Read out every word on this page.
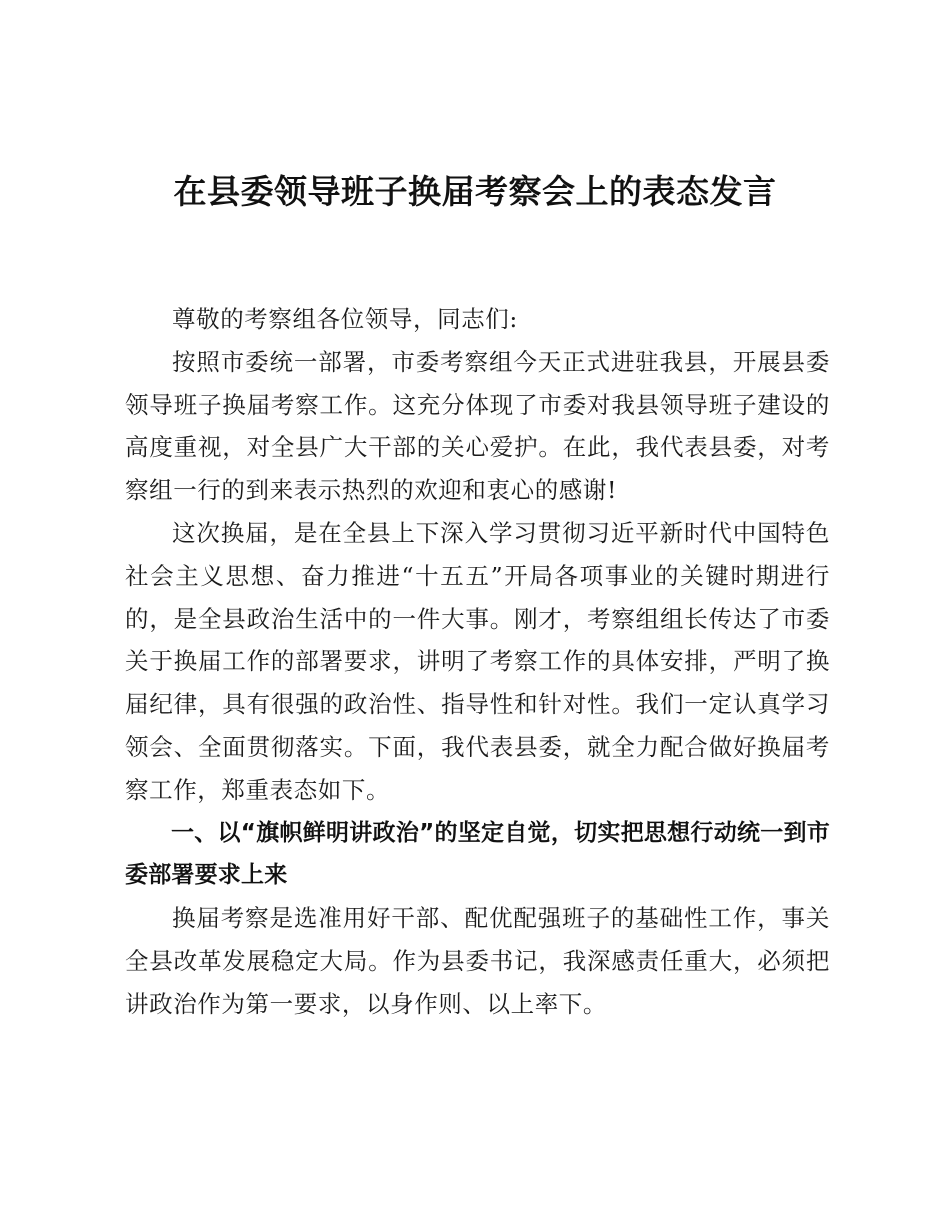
在县委领导班子换届考察会上的表态发言

尊敬的考察组各位领导，同志们:

按照市委统一部署，市委考察组今天正式进驻我县，开展县委领导班子换届考察工作。这充分体现了市委对我县领导班子建设的高度重视，对全县广大干部的关心爱护。在此，我代表县委，对考察组一行的到来表示热烈的欢迎和衷心的感谢!

这次换届，是在全县上下深入学习贯彻习近平新时代中国特色社会主义思想、奋力推进“十五五”开局各项事业的关键时期进行的，是全县政治生活中的一件大事。刚才，考察组组长传达了市委关于换届工作的部署要求，讲明了考察工作的具体安排，严明了换届纪律，具有很强的政治性、指导性和针对性。我们一定认真学习领会、全面贯彻落实。下面，我代表县委，就全力配合做好换届考察工作，郑重表态如下。

一、以“旗帜鲜明讲政治”的坚定自觉，切实把思想行动统一到市委部署要求上来

换届考察是选准用好干部、配优配强班子的基础性工作，事关全县改革发展稳定大局。作为县委书记，我深感责任重大，必须把讲政治作为第一要求，以身作则、以上率下。
